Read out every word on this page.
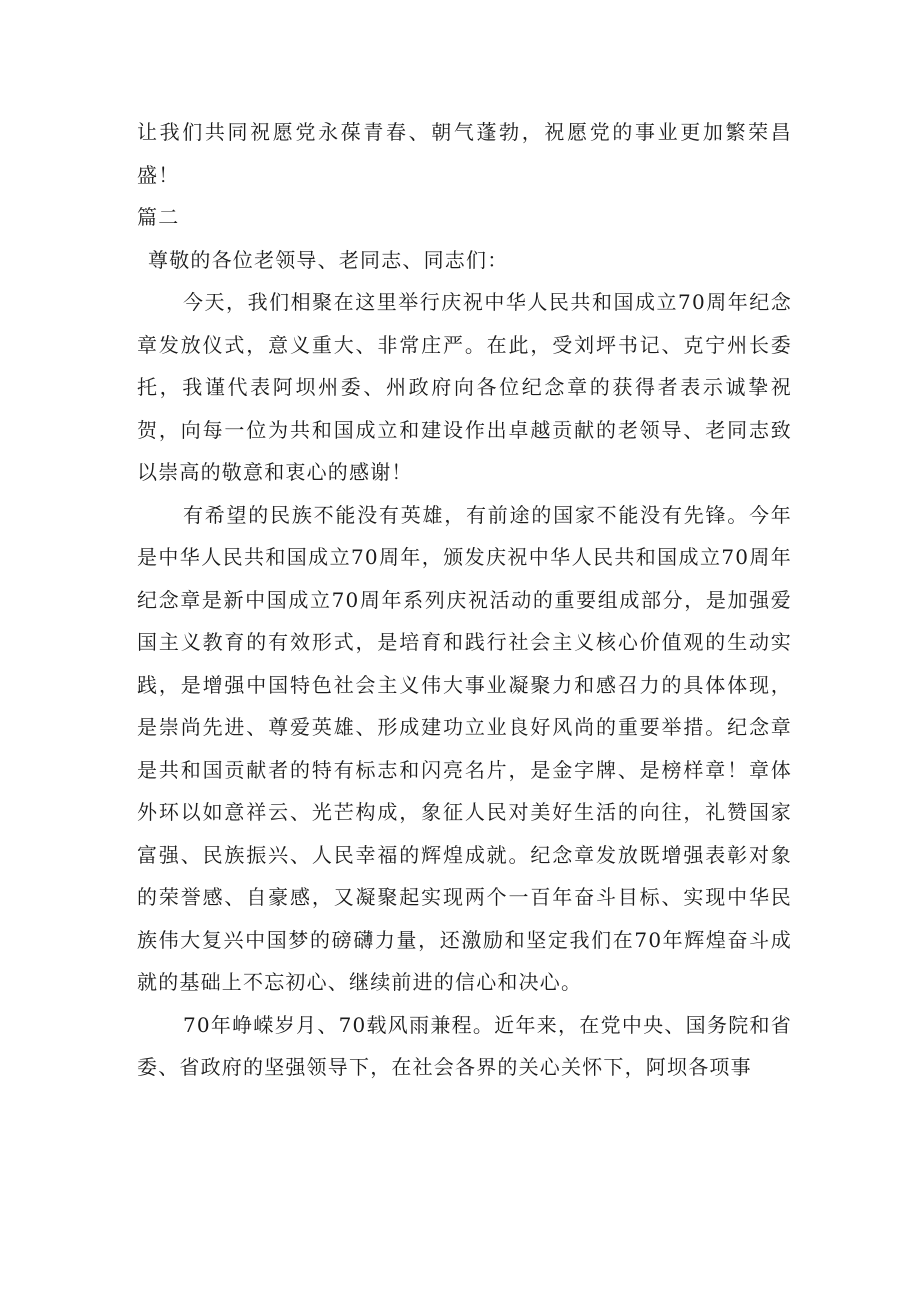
让我们共同祝愿党永葆青春、朝气蓬勃，祝愿党的事业更加繁荣昌盛！

篇二

尊敬的各位老领导、老同志、同志们：

今天，我们相聚在这里举行庆祝中华人民共和国成立70周年纪念章发放仪式，意义重大、非常庄严。在此，受刘坪书记、克宁州长委托，我谨代表阿坝州委、州政府向各位纪念章的获得者表示诚挚祝贺，向每一位为共和国成立和建设作出卓越贡献的老领导、老同志致以崇高的敬意和衷心的感谢！

有希望的民族不能没有英雄，有前途的国家不能没有先锋。今年是中华人民共和国成立70周年，颁发庆祝中华人民共和国成立70周年纪念章是新中国成立70周年系列庆祝活动的重要组成部分，是加强爱国主义教育的有效形式，是培育和践行社会主义核心价值观的生动实践，是增强中国特色社会主义伟大事业凝聚力和感召力的具体体现，是崇尚先进、尊爱英雄、形成建功立业良好风尚的重要举措。纪念章是共和国贡献者的特有标志和闪亮名片，是金字牌、是榜样章！章体外环以如意祥云、光芒构成，象征人民对美好生活的向往，礼赞国家富强、民族振兴、人民幸福的辉煌成就。纪念章发放既增强表彰对象的荣誉感、自豪感，又凝聚起实现两个一百年奋斗目标、实现中华民族伟大复兴中国梦的磅礴力量，还激励和坚定我们在70年辉煌奋斗成就的基础上不忘初心、继续前进的信心和决心。

70年峥嵘岁月、70载风雨兼程。近年来，在党中央、国务院和省委、省政府的坚强领导下，在社会各界的关心关怀下，阿坝各项事
